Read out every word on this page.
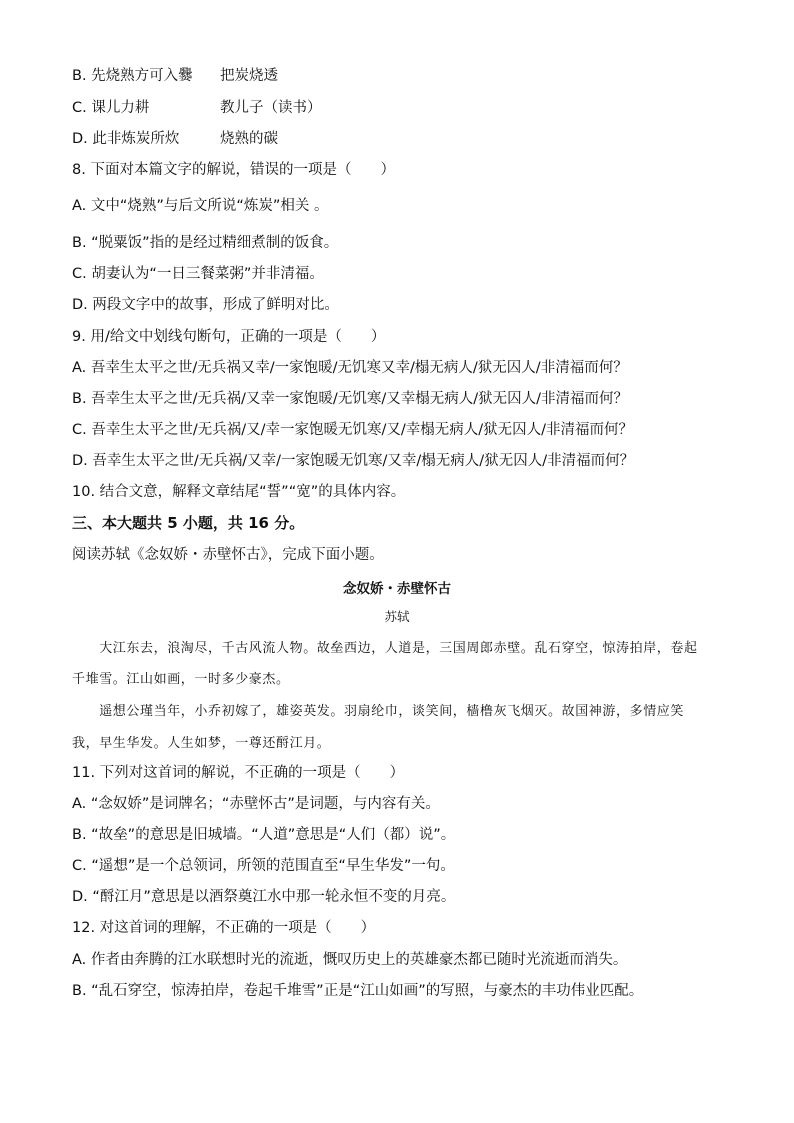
B. 先烧熟方可入爨 把炭烧透
C. 课儿力耕	教儿子（读书）
D. 此非炼炭所炊	烧熟的碳
8. 下面对本篇文字的解说，错误的一项是（　　）
A. 文中“烧熟”与后文所说“炼炭”相关 。
B. “脱粟饭”指的是经过精细煮制的饭食。
C. 胡妻认为“一日三餐菜粥”并非清福。
D. 两段文字中的故事，形成了鲜明对比。
9. 用/给文中划线句断句，正确的一项是（　　）
A. 吾幸生太平之世/无兵祸又幸/一家饱暖/无饥寒又幸/榻无病人/狱无囚人/非清福而何？
B. 吾幸生太平之世/无兵祸/又幸一家饱暖/无饥寒/又幸榻无病人/狱无囚人/非清福而何？
C. 吾幸生太平之世/无兵祸/又/幸一家饱暖无饥寒/又/幸榻无病人/狱无囚人/非清福而何？
D. 吾幸生太平之世/无兵祸/又幸/一家饱暖无饥寒/又幸/榻无病人/狱无囚人/非清福而何？
10. 结合文意，解释文章结尾“誓”“宽”的具体内容。
三、本大题共 5 小题，共 16 分。
阅读苏轼《念奴娇・赤壁怀古》，完成下面小题。
念奴娇・赤壁怀古
苏轼
　　大江东去，浪淘尽，千古风流人物。故垒西边，人道是，三国周郎赤壁。乱石穿空，惊涛拍岸，卷起
千堆雪。江山如画，一时多少豪杰。
　　遥想公瑾当年，小乔初嫁了，雄姿英发。羽扇纶巾，谈笑间，樯橹灰飞烟灭。故国神游，多情应笑
我，早生华发。人生如梦，一尊还酹江月。
11. 下列对这首词的解说，不正确的一项是（　　）
A. “念奴娇”是词牌名；“赤壁怀古”是词题，与内容有关。
B. “故垒”的意思是旧城墙。“人道”意思是“人们（都）说”。
C. “遥想”是一个总领词，所领的范围直至“早生华发”一句。
D. “酹江月”意思是以酒祭奠江水中那一轮永恒不变的月亮。
12. 对这首词的理解，不正确的一项是（　　）
A. 作者由奔腾的江水联想时光的流逝，慨叹历史上的英雄豪杰都已随时光流逝而消失。
B. “乱石穿空，惊涛拍岸，卷起千堆雪”正是“江山如画”的写照，与豪杰的丰功伟业匹配。
